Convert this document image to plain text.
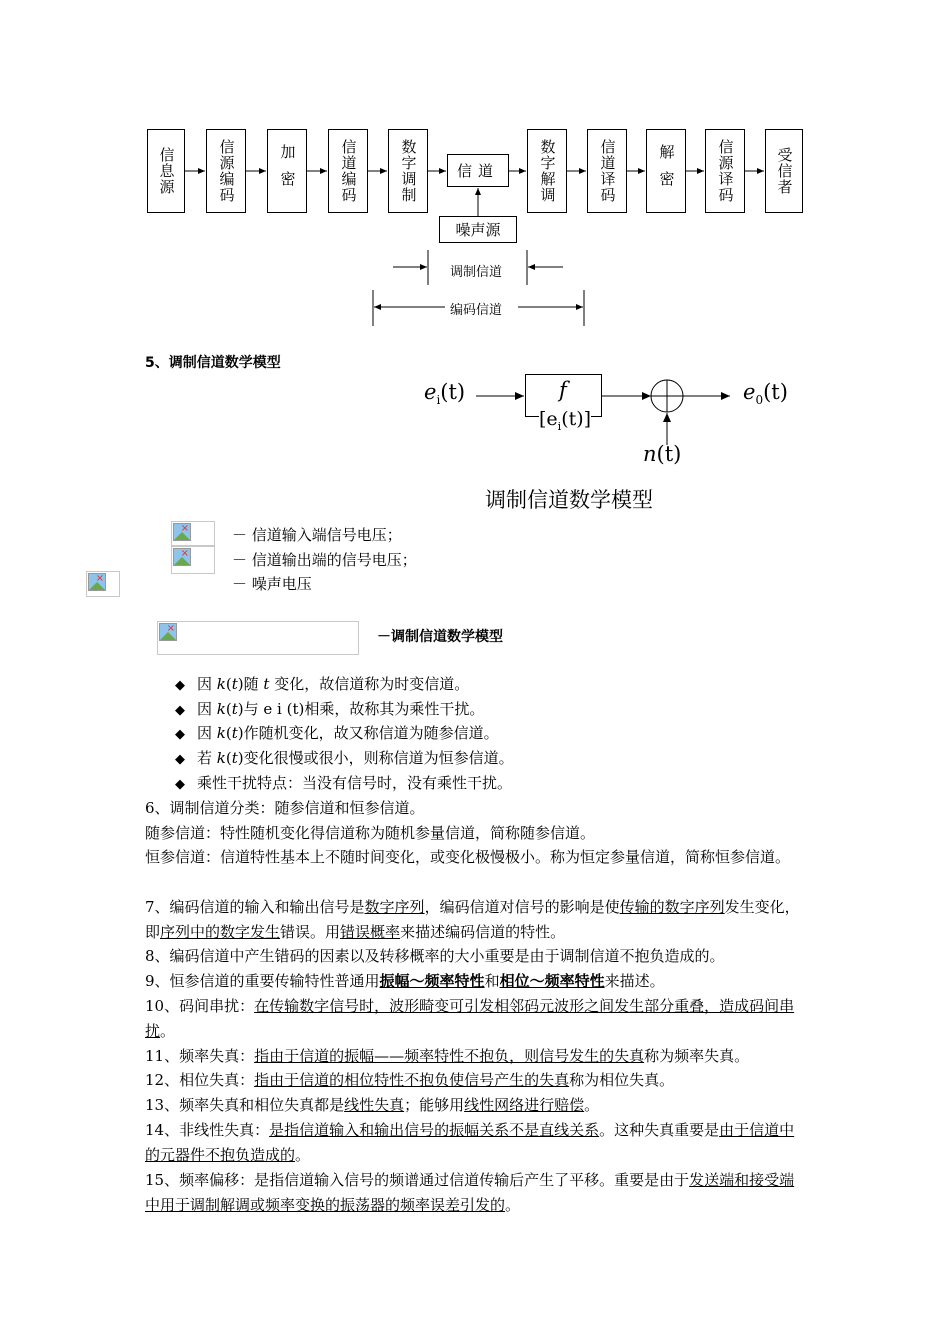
信息源	信源编码	加密	信道编码	数字调制	信道	数字解调	信道译码	解密	信源译码	受信者
噪声源
调制信道
编码信道
5、调制信道数学模型
$e_i(t)$	f
$[e_i(t)]$
$e_0(t)$
n(t)
调制信道数学模型
×
×
×
－ 信道输入端信号电压；
－ 信道输出端的信号电压；
－ 噪声电压
×
－调制信道数学模型
◆ 因 k(t)随 t 变化，故信道称为时变信道。
◆ 因 k(t)与 e i (t)相乘，故称其为乘性干扰。
◆ 因 k(t)作随机变化，故又称信道为随参信道。
◆ 若 k(t)变化很慢或很小，则称信道为恒参信道。
◆ 乘性干扰特点：当没有信号时，没有乘性干扰。
6、调制信道分类：随参信道和恒参信道。
随参信道：特性随机变化得信道称为随机参量信道，简称随参信道。
恒参信道：信道特性基本上不随时间变化，或变化极慢极小。称为恒定参量信道，简称恒参信道。
7、编码信道的输入和输出信号是数字序列，编码信道对信号的影响是使传输的数字序列发生变化，即序列中的数字发生错误。用错误概率来描述编码信道的特性。
8、编码信道中产生错码的因素以及转移概率的大小重要是由于调制信道不抱负造成的。
9、恒参信道的重要传输特性普通用振幅～频率特性和相位～频率特性来描述。
10、码间串扰：在传输数字信号时，波形畸变可引发相邻码元波形之间发生部分重叠，造成码间串扰。
11、频率失真：指由于信道的振幅——频率特性不抱负，则信号发生的失真称为频率失真。
12、相位失真：指由于信道的相位特性不抱负使信号产生的失真称为相位失真。
13、频率失真和相位失真都是线性失真；能够用线性网络进行赔偿。
14、非线性失真：是指信道输入和输出信号的振幅关系不是直线关系。这种失真重要是由于信道中的元器件不抱负造成的。
15、频率偏移：是指信道输入信号的频谱通过信道传输后产生了平移。重要是由于发送端和接受端中用于调制解调或频率变换的振荡器的频率误差引发的。
